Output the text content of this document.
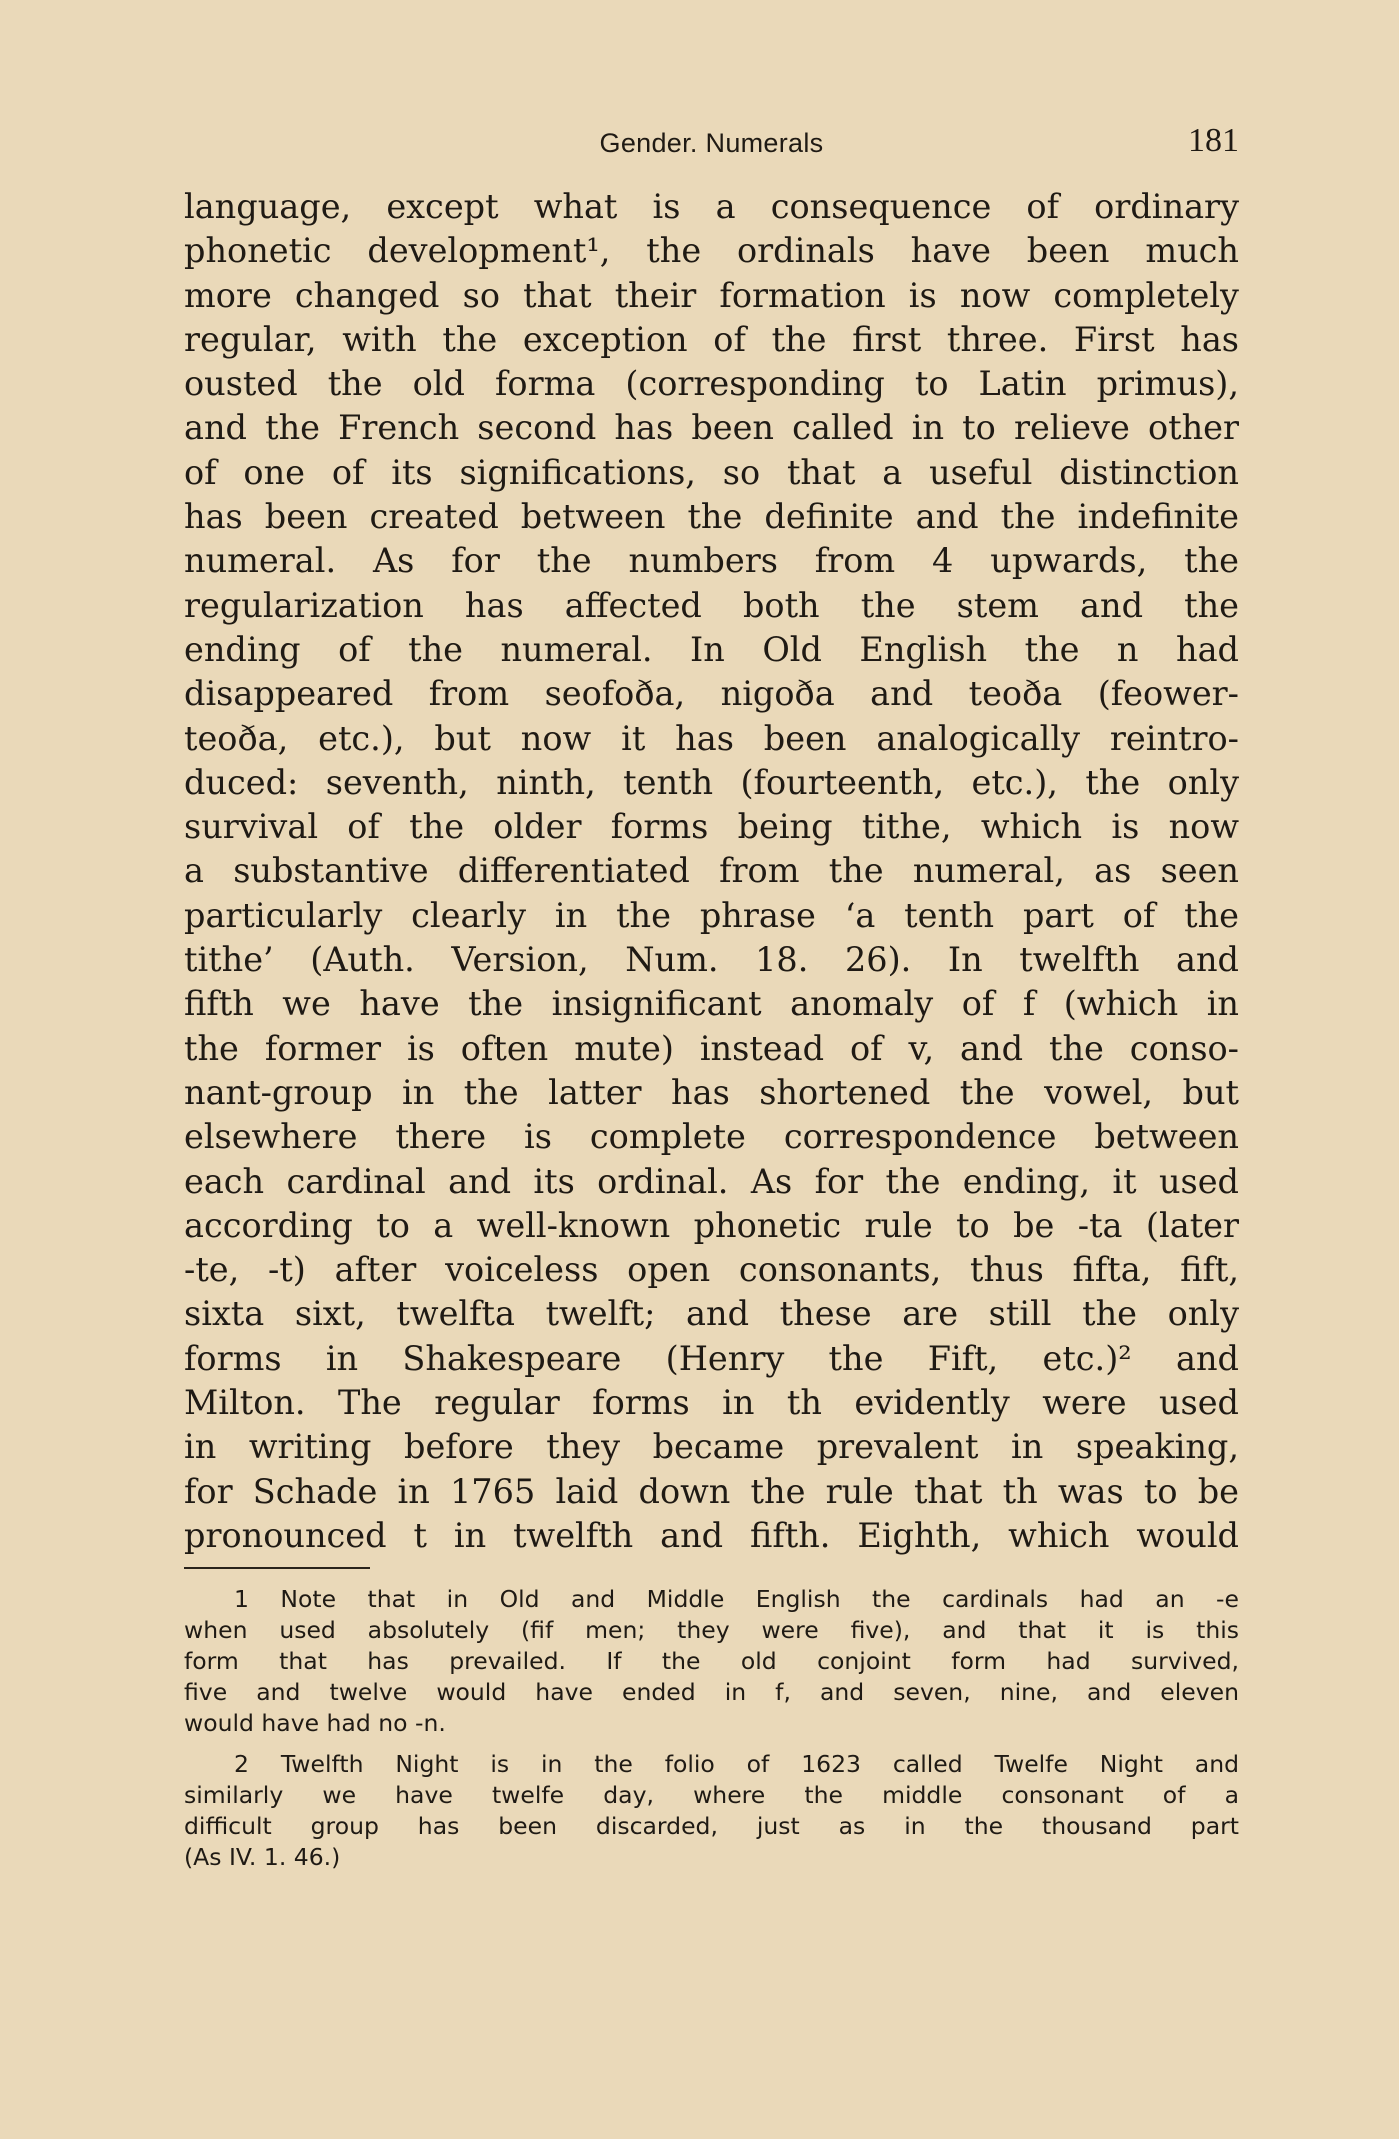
Gender. Numerals	181
language, except what is a consequence of ordinary
phonetic development¹, the ordinals have been much
more changed so that their formation is now completely
regular, with the exception of the first three. First has
ousted the old forma (corresponding to Latin primus),
and the French second has been called in to relieve other
of one of its significations, so that a useful distinction
has been created between the definite and the indefinite
numeral. As for the numbers from 4 upwards, the
regularization has affected both the stem and the
ending of the numeral. In Old English the n had
disappeared from seofoða, nigoða and teoða (feower-
teoða, etc.), but now it has been analogically reintro-
duced: seventh, ninth, tenth (fourteenth, etc.), the only
survival of the older forms being tithe, which is now
a substantive differentiated from the numeral, as seen
particularly clearly in the phrase ‘a tenth part of the
tithe’ (Auth. Version, Num. 18. 26). In twelfth and
fifth we have the insignificant anomaly of f (which in
the former is often mute) instead of v, and the conso-
nant-group in the latter has shortened the vowel, but
elsewhere there is complete correspondence between
each cardinal and its ordinal. As for the ending, it used
according to a well-known phonetic rule to be -ta (later
-te, -t) after voiceless open consonants, thus fifta, fift,
sixta sixt, twelfta twelft; and these are still the only
forms in Shakespeare (Henry the Fift, etc.)² and
Milton. The regular forms in th evidently were used
in writing before they became prevalent in speaking,
for Schade in 1765 laid down the rule that th was to be
pronounced t in twelfth and fifth. Eighth, which would
1 Note that in Old and Middle English the cardinals had an -e
when used absolutely (fif men; they were five), and that it is this
form that has prevailed. If the old conjoint form had survived,
five and twelve would have ended in f, and seven, nine, and eleven
would have had no -n.
2 Twelfth Night is in the folio of 1623 called Twelfe Night and
similarly we have twelfe day, where the middle consonant of a
difficult group has been discarded, just as in the thousand part
(As IV. 1. 46.)
